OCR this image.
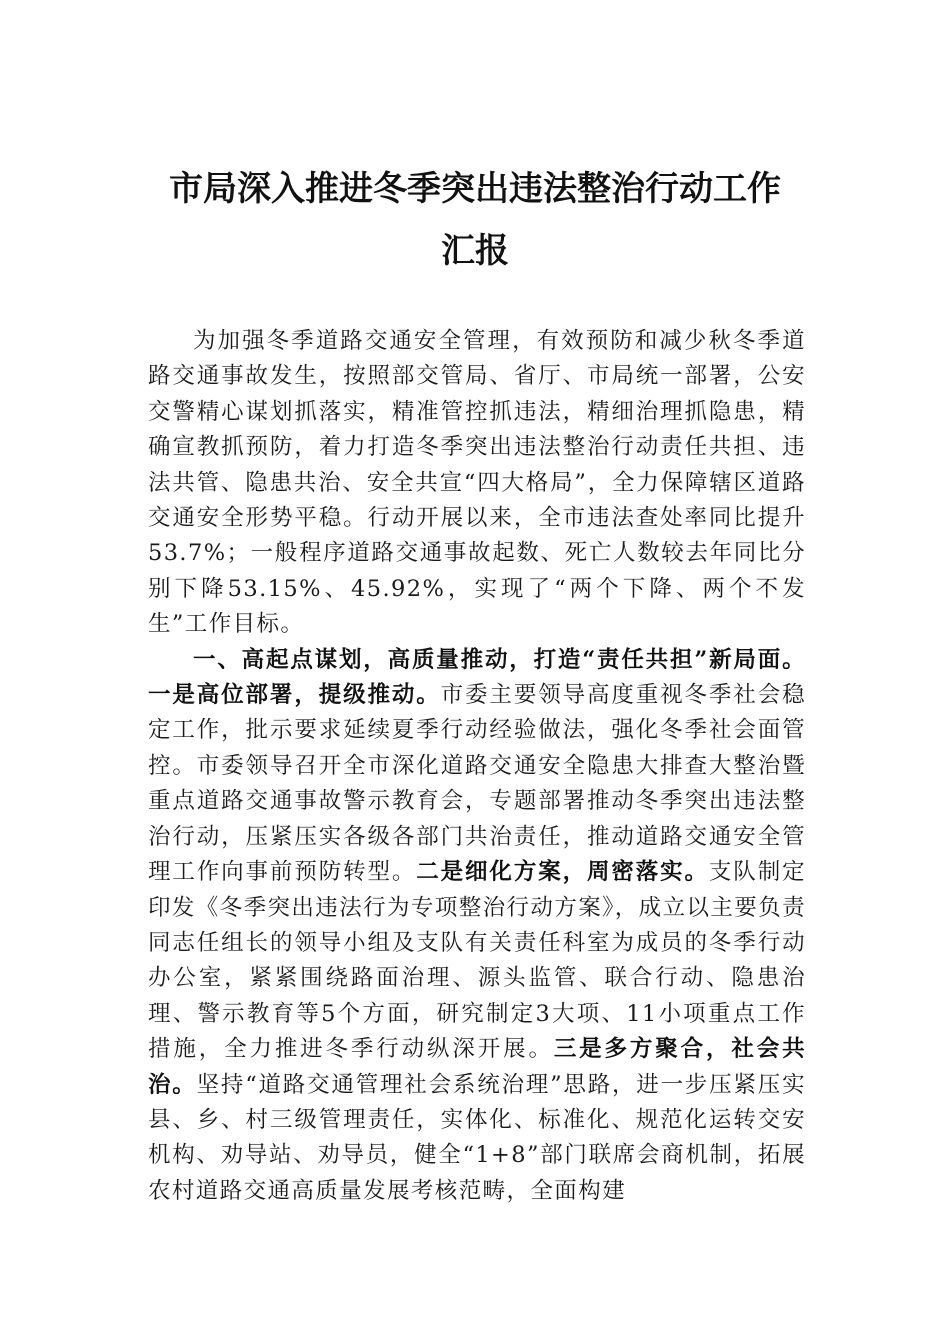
市局深入推进冬季突出违法整治行动工作
汇报

为加强冬季道路交通安全管理，有效预防和减少秋冬季道路交通事故发生，按照部交管局、省厅、市局统一部署，公安交警精心谋划抓落实，精准管控抓违法，精细治理抓隐患，精确宣教抓预防，着力打造冬季突出违法整治行动责任共担、违法共管、隐患共治、安全共宣“四大格局”，全力保障辖区道路交通安全形势平稳。行动开展以来，全市违法查处率同比提升53.7%；一般程序道路交通事故起数、死亡人数较去年同比分别下降53.15%、45.92%，实现了“两个下降、两个不发生”工作目标。

一、高起点谋划，高质量推动，打造“责任共担”新局面。一是高位部署，提级推动。市委主要领导高度重视冬季社会稳定工作，批示要求延续夏季行动经验做法，强化冬季社会面管控。市委领导召开全市深化道路交通安全隐患大排查大整治暨重点道路交通事故警示教育会，专题部署推动冬季突出违法整治行动，压紧压实各级各部门共治责任，推动道路交通安全管理工作向事前预防转型。二是细化方案，周密落实。支队制定印发《冬季突出违法行为专项整治行动方案》，成立以主要负责同志任组长的领导小组及支队有关责任科室为成员的冬季行动办公室，紧紧围绕路面治理、源头监管、联合行动、隐患治理、警示教育等5个方面，研究制定3大项、11小项重点工作措施，全力推进冬季行动纵深开展。三是多方聚合，社会共治。坚持“道路交通管理社会系统治理”思路，进一步压紧压实县、乡、村三级管理责任，实体化、标准化、规范化运转交安机构、劝导站、劝导员，健全“1+8”部门联席会商机制，拓展农村道路交通高质量发展考核范畴，全面构建
